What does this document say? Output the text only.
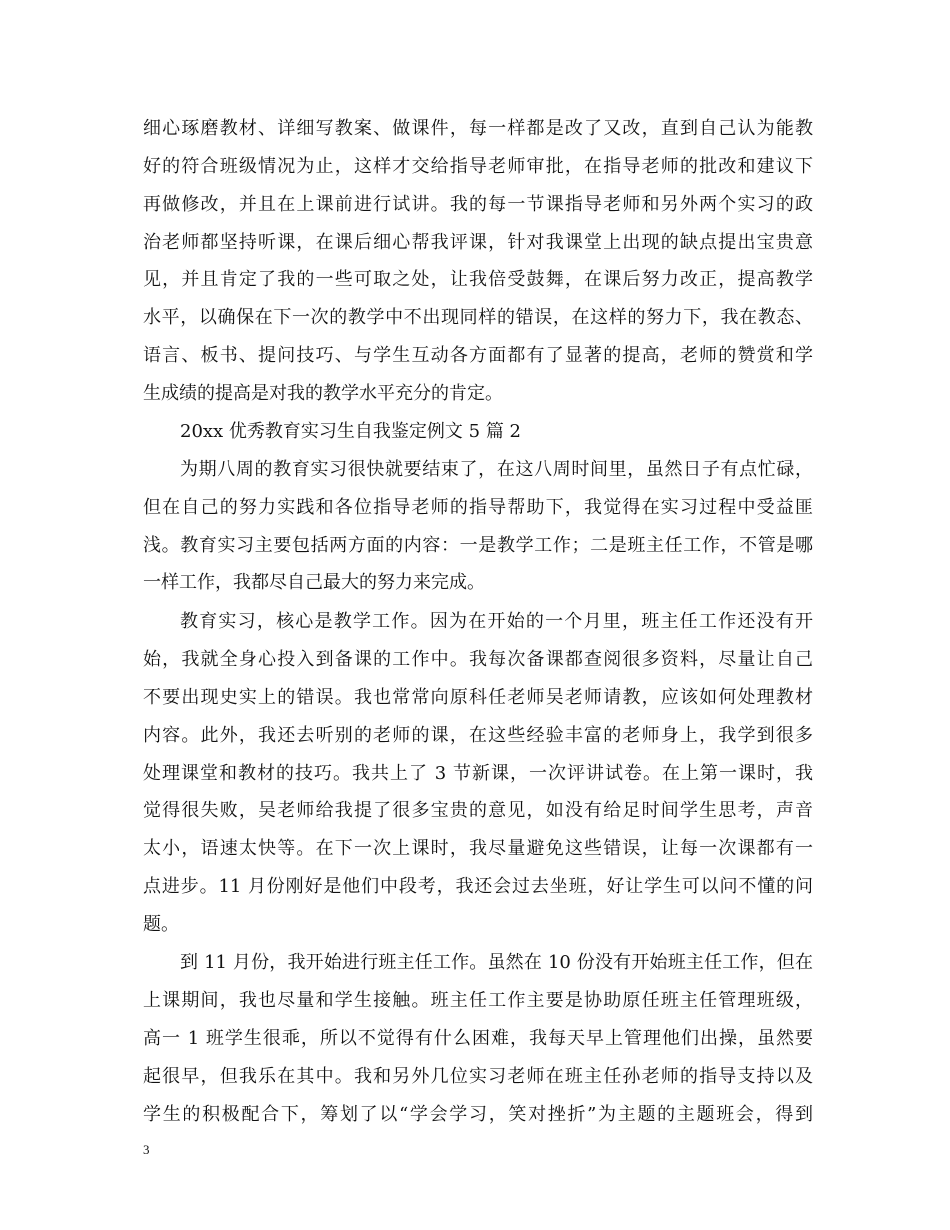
细心琢磨教材、详细写教案、做课件，每一样都是改了又改，直到自己认为能教
好的符合班级情况为止，这样才交给指导老师审批，在指导老师的批改和建议下
再做修改，并且在上课前进行试讲。我的每一节课指导老师和另外两个实习的政
治老师都坚持听课，在课后细心帮我评课，针对我课堂上出现的缺点提出宝贵意
见，并且肯定了我的一些可取之处，让我倍受鼓舞，在课后努力改正，提高教学
水平，以确保在下一次的教学中不出现同样的错误，在这样的努力下，我在教态、
语言、板书、提问技巧、与学生互动各方面都有了显著的提高，老师的赞赏和学
生成绩的提高是对我的教学水平充分的肯定。
20xx 优秀教育实习生自我鉴定例文 5 篇 2
为期八周的教育实习很快就要结束了，在这八周时间里，虽然日子有点忙碌，
但在自己的努力实践和各位指导老师的指导帮助下，我觉得在实习过程中受益匪
浅。教育实习主要包括两方面的内容：一是教学工作；二是班主任工作，不管是哪
一样工作，我都尽自己最大的努力来完成。
教育实习，核心是教学工作。因为在开始的一个月里，班主任工作还没有开
始，我就全身心投入到备课的工作中。我每次备课都查阅很多资料，尽量让自己
不要出现史实上的错误。我也常常向原科任老师吴老师请教，应该如何处理教材
内容。此外，我还去听别的老师的课，在这些经验丰富的老师身上，我学到很多
处理课堂和教材的技巧。我共上了 3 节新课，一次评讲试卷。在上第一课时，我
觉得很失败，吴老师给我提了很多宝贵的意见，如没有给足时间学生思考，声音
太小，语速太快等。在下一次上课时，我尽量避免这些错误，让每一次课都有一
点进步。11 月份刚好是他们中段考，我还会过去坐班，好让学生可以问不懂的问
题。
到 11 月份，我开始进行班主任工作。虽然在 10 份没有开始班主任工作，但在
上课期间，我也尽量和学生接触。班主任工作主要是协助原任班主任管理班级，
高一 1 班学生很乖，所以不觉得有什么困难，我每天早上管理他们出操，虽然要
起很早，但我乐在其中。我和另外几位实习老师在班主任孙老师的指导支持以及
学生的积极配合下，筹划了以“学会学习，笑对挫折”为主题的主题班会，得到
3
